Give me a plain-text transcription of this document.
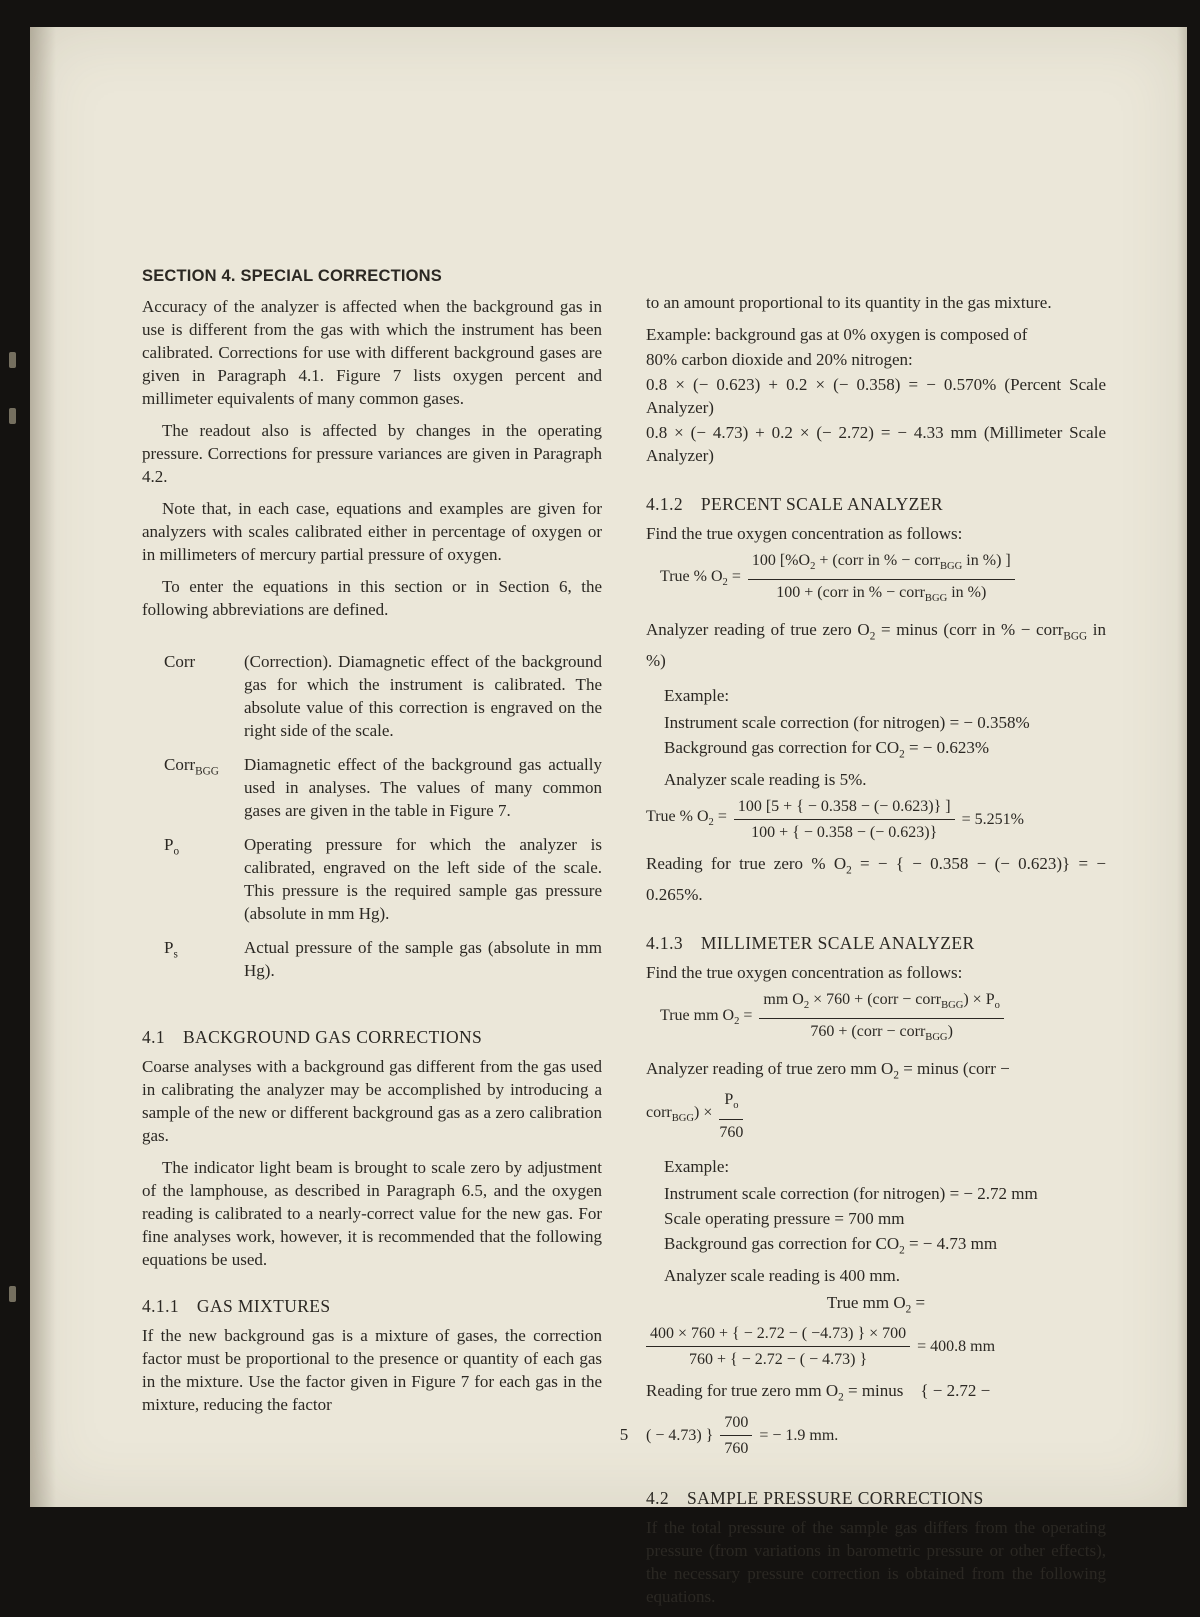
SECTION 4. SPECIAL CORRECTIONS

Accuracy of the analyzer is affected when the background gas in use is different from the gas with which the instrument has been calibrated. Corrections for use with different background gases are given in Paragraph 4.1. Figure 7 lists oxygen percent and millimeter equivalents of many common gases.

The readout also is affected by changes in the operating pressure. Corrections for pressure variances are given in Paragraph 4.2.

Note that, in each case, equations and examples are given for analyzers with scales calibrated either in percentage of oxygen or in millimeters of mercury partial pressure of oxygen.

To enter the equations in this section or in Section 6, the following abbreviations are defined.

Corr	(Correction). Diamagnetic effect of the background gas for which the instrument is calibrated. The absolute value of this correction is engraved on the right side of the scale.
Corr$_{BGG}$	Diamagnetic effect of the background gas actually used in analyses. The values of many common gases are given in the table in Figure 7.
$P_o$	Operating pressure for which the analyzer is calibrated, engraved on the left side of the scale. This pressure is the required sample gas pressure (absolute in mm Hg).
$P_s$	Actual pressure of the sample gas (absolute in mm Hg).
4.1 BACKGROUND GAS CORRECTIONS

Coarse analyses with a background gas different from the gas used in calibrating the analyzer may be accomplished by introducing a sample of the new or different background gas as a zero calibration gas.

The indicator light beam is brought to scale zero by adjustment of the lamphouse, as described in Paragraph 6.5, and the oxygen reading is calibrated to a nearly-correct value for the new gas. For fine analyses work, however, it is recommended that the following equations be used.

4.1.1 GAS MIXTURES

If the new background gas is a mixture of gases, the correction factor must be proportional to the presence or quantity of each gas in the mixture. Use the factor given in Figure 7 for each gas in the mixture, reducing the factor

to an amount proportional to its quantity in the gas mixture.

Example: background gas at 0% oxygen is composed of
80% carbon dioxide and 20% nitrogen:

0.8 × (− 0.623) + 0.2 × (− 0.358) = − 0.570% (Percent Scale Analyzer)

0.8 × (− 4.73) + 0.2 × (− 2.72) = − 4.33 mm (Millimeter Scale Analyzer)

4.1.2 PERCENT SCALE ANALYZER

Find the true oxygen concentration as follows:

True % $O_2 = \frac{100 [\%O_2 + (corr in \% - corr_{BGG} in \%) ]}{100 + (corr in \% - corr_{BGG} in \%)}$

Analyzer reading of true zero $O_2$ = minus (corr in % − corr$_{BGG}$ in %)

Example:
Instrument scale correction (for nitrogen) = − 0.358%
Background gas correction for $CO_2$ = − 0.623%
Analyzer scale reading is 5%.
True % $O_2 = \frac{100 [5 + \{ - 0.358 - (- 0.623)\} ]}{100 + \{ - 0.358 - (- 0.623)\}} = 5.251\%$

Reading for true zero % $O_2$ = − { − 0.358 − (− 0.623)} = − 0.265%.

4.1.3 MILLIMETER SCALE ANALYZER

Find the true oxygen concentration as follows:

True mm $O_2 = \frac{mm O_2 \times 760 + (corr - corr_{BGG}) \times P_o}{760 + (corr - corr_{BGG})}$
Analyzer reading of true zero mm $O_2$ = minus (corr −
corr$_{BGG}$) × $\frac{P_o}{760}$
Example:
Instrument scale correction (for nitrogen) = − 2.72 mm
Scale operating pressure = 700 mm
Background gas correction for $CO_2$ = − 4.73 mm
Analyzer scale reading is 400 mm.
True mm $O_2$ =
$\frac{400 \times 760 + \{ - 2.72 - ( -4.73) \} \times 700}{760 + \{ - 2.72 - ( - 4.73) \}} = 400.8$ mm
Reading for true zero mm $O_2$ = minus { − 2.72 −
( − 4.73) } $\frac{700}{760}$ = − 1.9 mm.
4.2 SAMPLE PRESSURE CORRECTIONS

If the total pressure of the sample gas differs from the operating pressure (from variations in barometric pressure or other effects), the necessary pressure correction is obtained from the following equations.

5
